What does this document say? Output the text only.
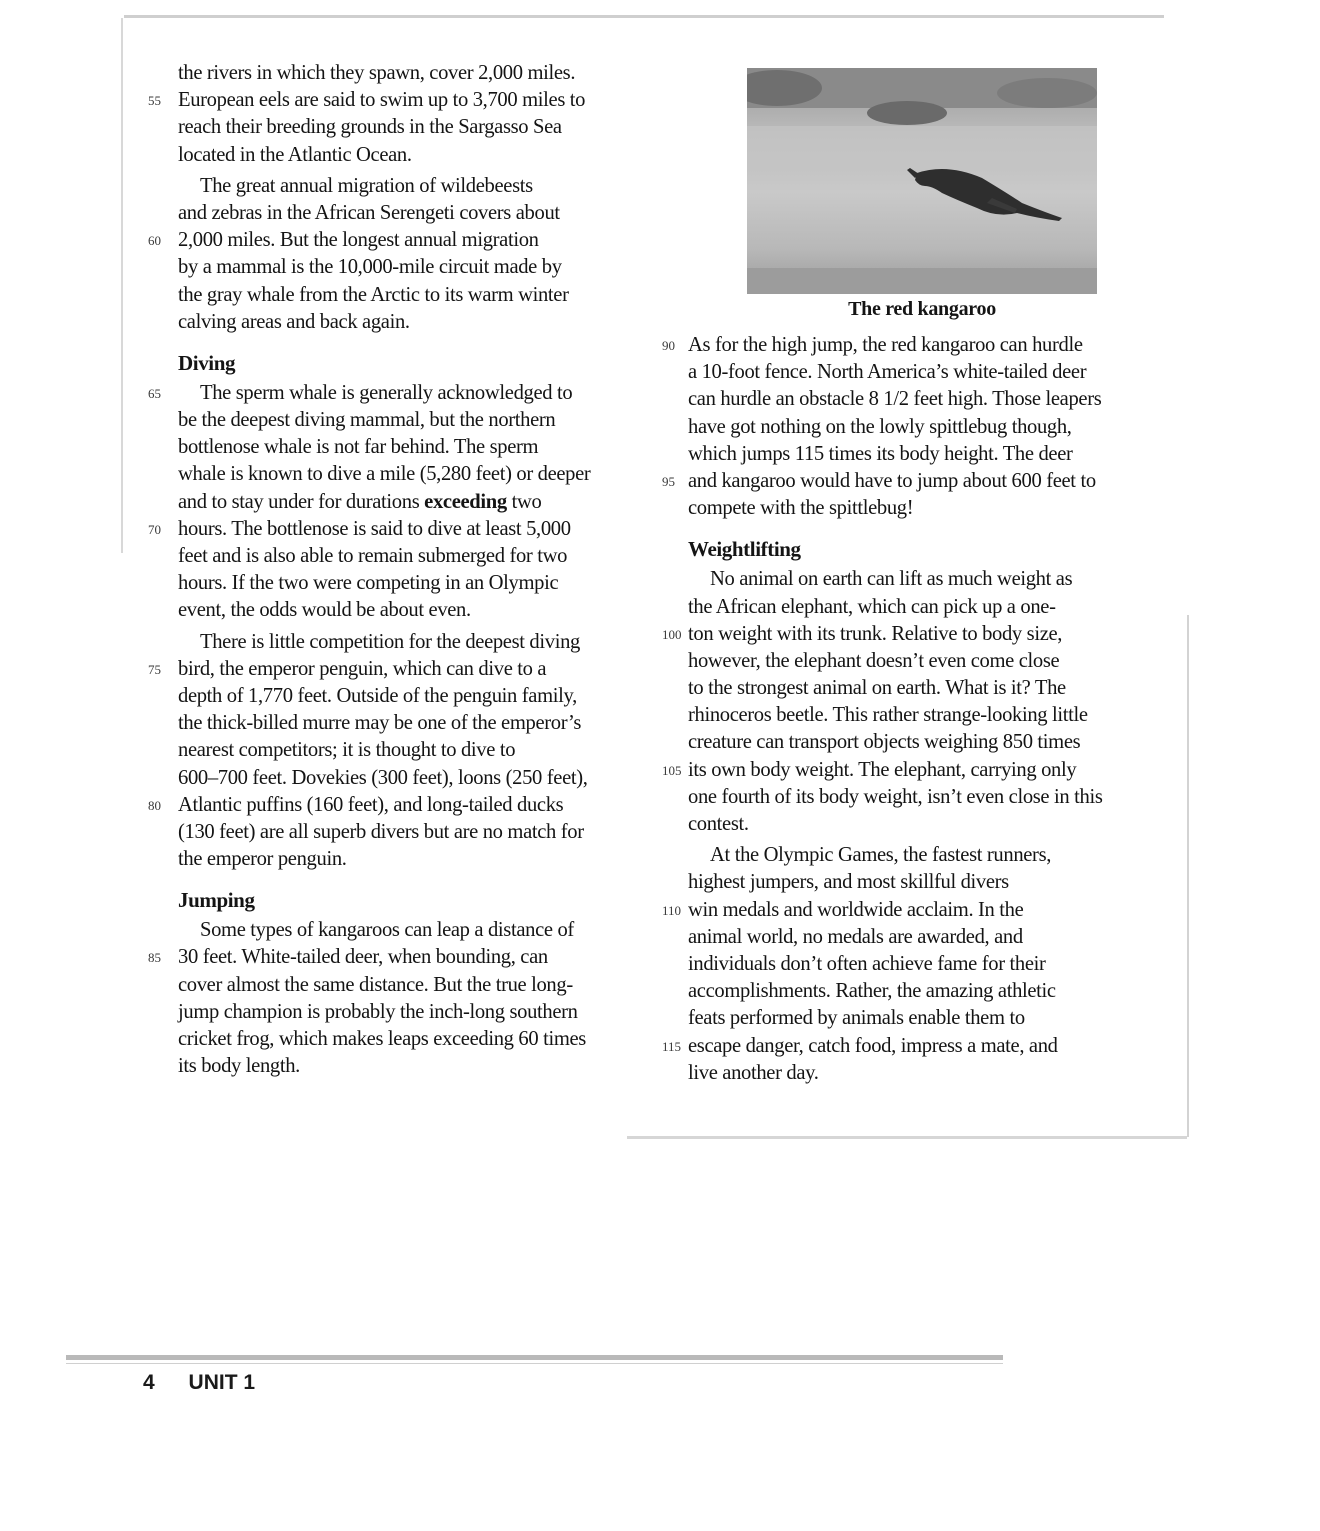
the rivers in which they spawn, cover 2,000 miles.
55 European eels are said to swim up to 3,700 miles to
reach their breeding grounds in the Sargasso Sea
located in the Atlantic Ocean.
The great annual migration of wildebeests
and zebras in the African Serengeti covers about
60 2,000 miles. But the longest annual migration
by a mammal is the 10,000-mile circuit made by
the gray whale from the Arctic to its warm winter
calving areas and back again.
Diving
65	The sperm whale is generally acknowledged to
be the deepest diving mammal, but the northern
bottlenose whale is not far behind. The sperm
whale is known to dive a mile (5,280 feet) or deeper
and to stay under for durations exceeding two
70 hours. The bottlenose is said to dive at least 5,000
feet and is also able to remain submerged for two
hours. If the two were competing in an Olympic
event, the odds would be about even.
There is little competition for the deepest diving
75 bird, the emperor penguin, which can dive to a
depth of 1,770 feet. Outside of the penguin family,
the thick-billed murre may be one of the emperor’s
nearest competitors; it is thought to dive to
600–700 feet. Dovekies (300 feet), loons (250 feet),
80 Atlantic puffins (160 feet), and long-tailed ducks
(130 feet) are all superb divers but are no match for
the emperor penguin.
Jumping
Some types of kangaroos can leap a distance of
85 30 feet. White-tailed deer, when bounding, can
cover almost the same distance. But the true long-
jump champion is probably the inch-long southern
cricket frog, which makes leaps exceeding 60 times
its body length.
The red kangaroo
90 As for the high jump, the red kangaroo can hurdle
a 10-foot fence. North America’s white-tailed deer
can hurdle an obstacle 8 1/2 feet high. Those leapers
have got nothing on the lowly spittlebug though,
which jumps 115 times its body height. The deer
95 and kangaroo would have to jump about 600 feet to
compete with the spittlebug!
Weightlifting
No animal on earth can lift as much weight as
the African elephant, which can pick up a one-
100 ton weight with its trunk. Relative to body size,
however, the elephant doesn’t even come close
to the strongest animal on earth. What is it? The
rhinoceros beetle. This rather strange-looking little
creature can transport objects weighing 850 times
105 its own body weight. The elephant, carrying only
one fourth of its body weight, isn’t even close in this
contest.
At the Olympic Games, the fastest runners,
highest jumpers, and most skillful divers
110 win medals and worldwide acclaim. In the
animal world, no medals are awarded, and
individuals don’t often achieve fame for their
accomplishments. Rather, the amazing athletic
feats performed by animals enable them to
115 escape danger, catch food, impress a mate, and
live another day.
4 UNIT 1
